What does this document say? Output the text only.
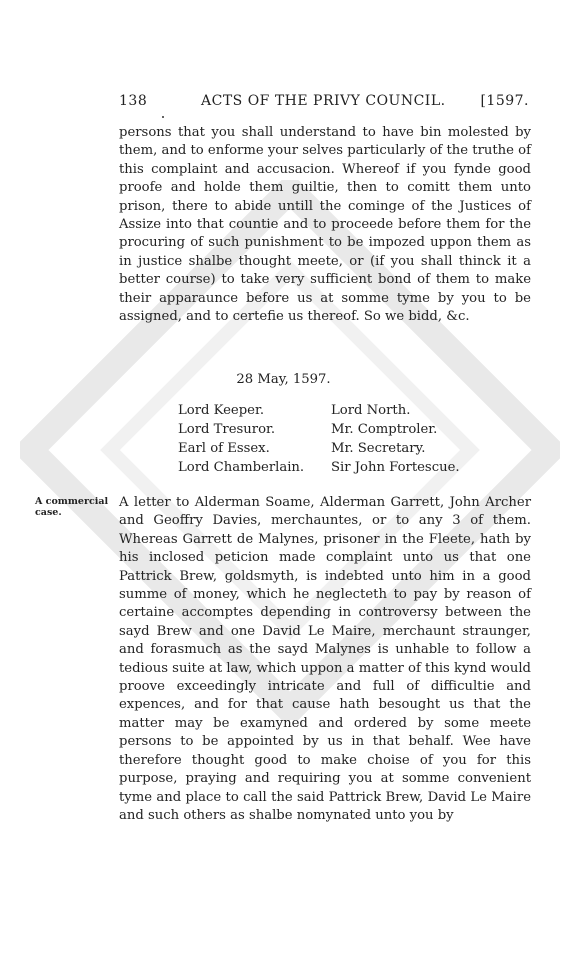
138	ACTS OF THE PRIVY COUNCIL. [1597.

persons that you shall understand to have bin molested by them, and to enforme your selves particularly of the truthe of this complaint and accusacion. Whereof if you fynde good proofe and holde them guiltie, then to comitt them unto prison, there to abide untill the cominge of the Justices of Assize into that countie and to proceede before them for the procuring of such punishment to be impozed uppon them as in justice shalbe thought meete, or (if you shall thinck it a better course) to take very sufficient bond of them to make their apparaunce before us at somme tyme by you to be assigned, and to certefie us thereof. So we bidd, &c.

28 May, 1597.
Lord Keeper.
Lord Tresuror.
Earl of Essex.
Lord Chamberlain.
Lord North.
Mr. Comptroler.
Mr. Secretary.
Sir John Fortescue.
A commercial case.

A letter to Alderman Soame, Alderman Garrett, John Archer and Geoffry Davies, merchauntes, or to any 3 of them. Whereas Garrett de Malynes, prisoner in the Fleete, hath by his inclosed peticion made complaint unto us that one Pattrick Brew, goldsmyth, is indebted unto him in a good summe of money, which he neglecteth to pay by reason of certaine accomptes depending in controversy between the sayd Brew and one David Le Maire, merchaunt straunger, and forasmuch as the sayd Malynes is unhable to follow a tedious suite at law, which uppon a matter of this kynd would proove exceedingly intricate and full of difficultie and expences, and for that cause hath besought us that the matter may be examyned and ordered by some meete persons to be appointed by us in that behalf. Wee have therefore thought good to make choise of you for this purpose, praying and requiring you at somme convenient tyme and place to call the said Pattrick Brew, David Le Maire and such others as shalbe nomynated unto you by
